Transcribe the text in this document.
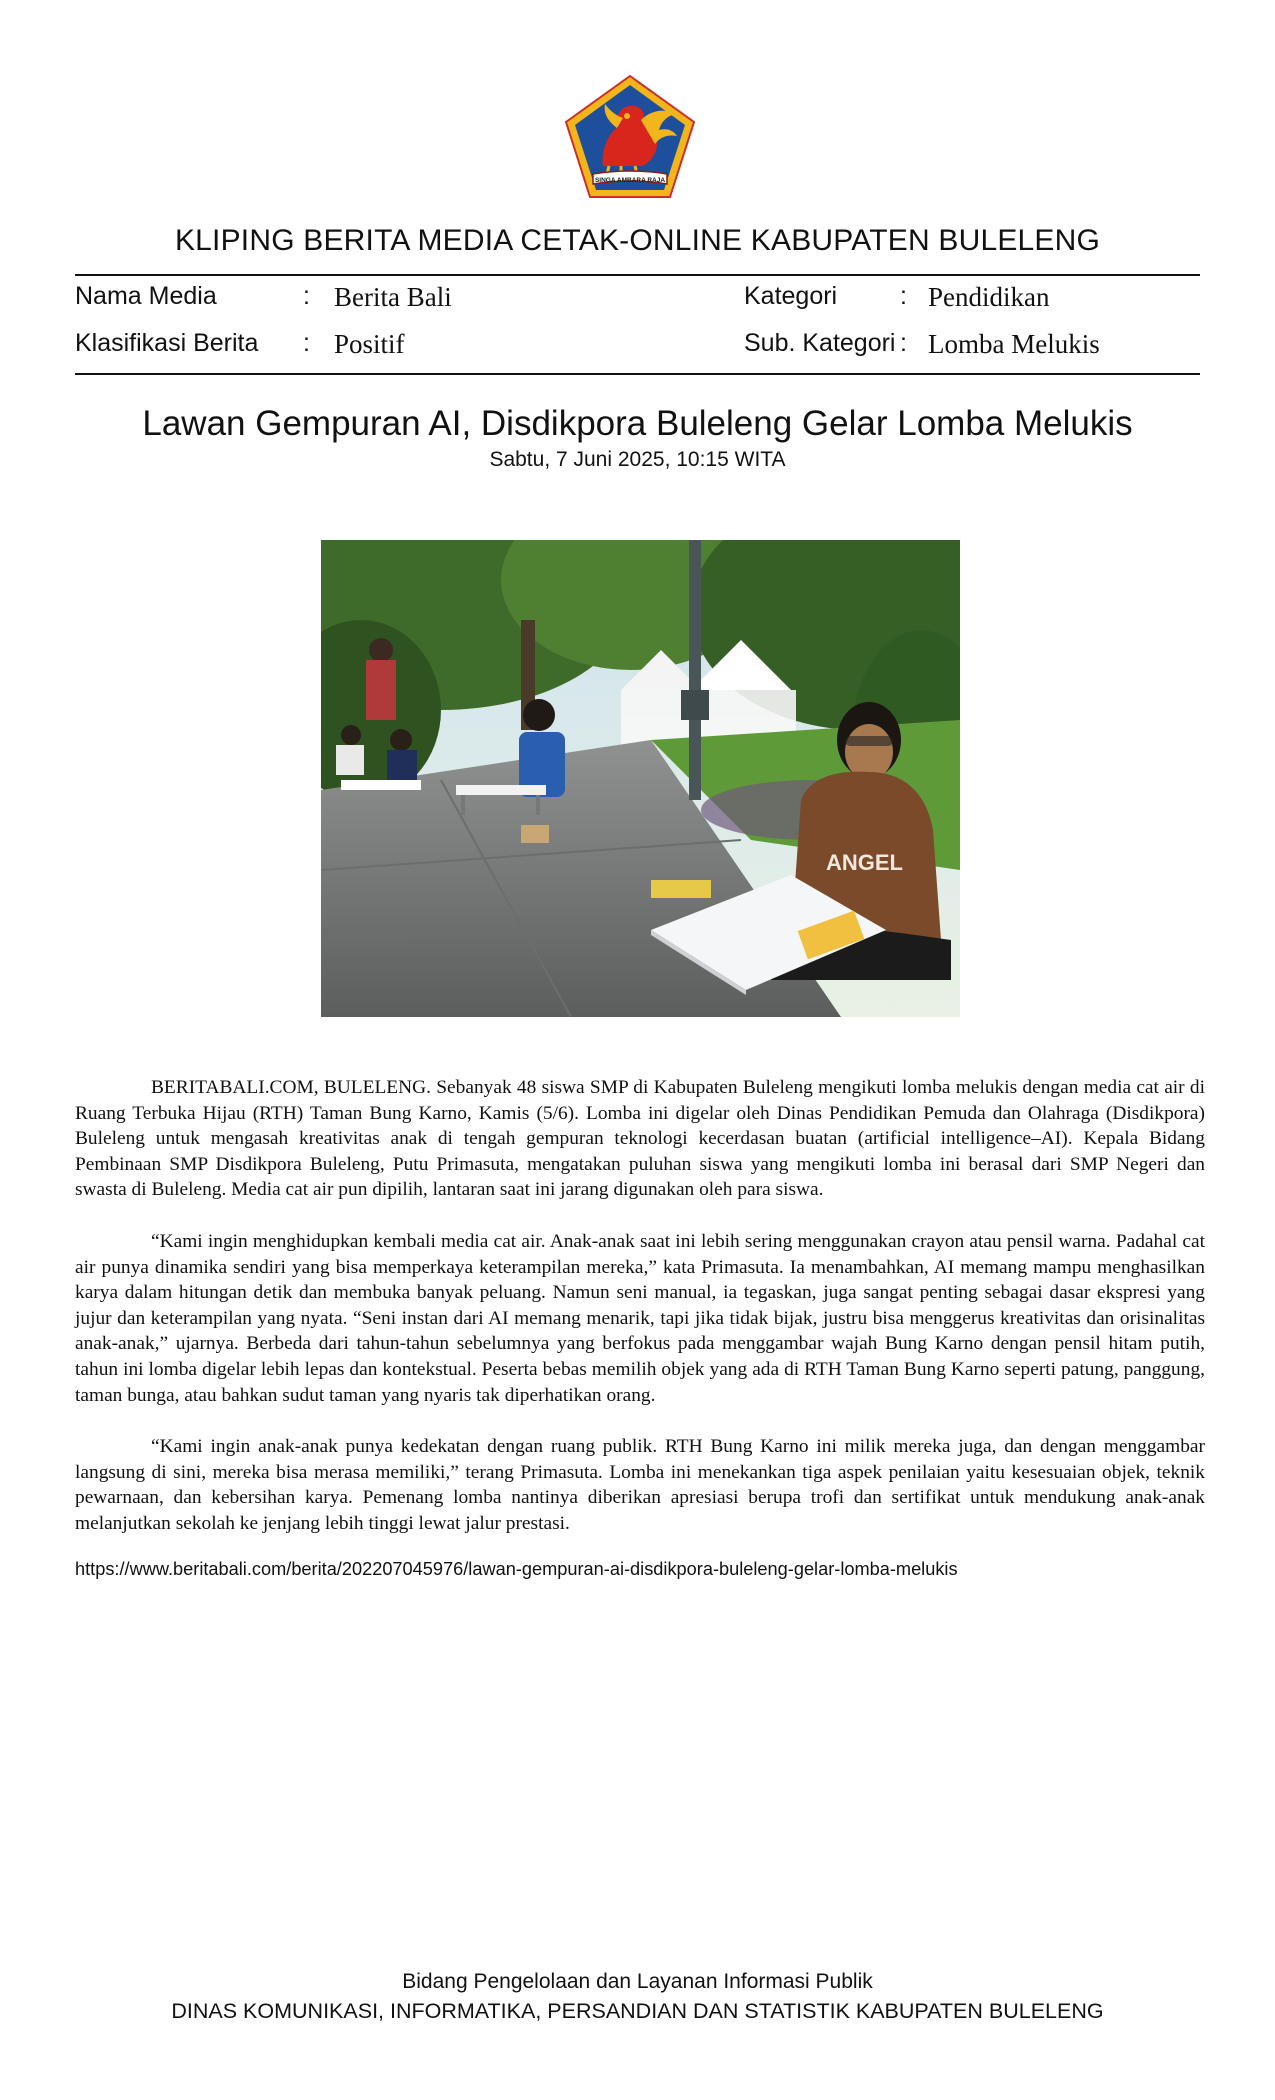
SINGA AMBARA RAJA
KLIPING BERITA MEDIA CETAK-ONLINE KABUPATEN BULELENG
Nama Media	: Berita Bali	Kategori	: Pendidikan
Klasifikasi Berita : Positif	Sub. Kategori : Lomba Melukis
Lawan Gempuran AI, Disdikpora Buleleng Gelar Lomba Melukis
Sabtu, 7 Juni 2025, 10:15 WITA
ANGEL

BERITABALI.COM, BULELENG. Sebanyak 48 siswa SMP di Kabupaten Buleleng mengikuti lomba melukis dengan media cat air di Ruang Terbuka Hijau (RTH) Taman Bung Karno, Kamis (5/6). Lomba ini digelar oleh Dinas Pendidikan Pemuda dan Olahraga (Disdikpora) Buleleng untuk mengasah kreativitas anak di tengah gempuran teknologi kecerdasan buatan (artificial intelligence–AI). Kepala Bidang Pembinaan SMP Disdikpora Buleleng, Putu Primasuta, mengatakan puluhan siswa yang mengikuti lomba ini berasal dari SMP Negeri dan swasta di Buleleng. Media cat air pun dipilih, lantaran saat ini jarang digunakan oleh para siswa.

“Kami ingin menghidupkan kembali media cat air. Anak-anak saat ini lebih sering menggunakan crayon atau pensil warna. Padahal cat air punya dinamika sendiri yang bisa memperkaya keterampilan mereka,” kata Primasuta. Ia menambahkan, AI memang mampu menghasilkan karya dalam hitungan detik dan membuka banyak peluang. Namun seni manual, ia tegaskan, juga sangat penting sebagai dasar ekspresi yang jujur dan keterampilan yang nyata. “Seni instan dari AI memang menarik, tapi jika tidak bijak, justru bisa menggerus kreativitas dan orisinalitas anak-anak,” ujarnya. Berbeda dari tahun-tahun sebelumnya yang berfokus pada menggambar wajah Bung Karno dengan pensil hitam putih, tahun ini lomba digelar lebih lepas dan kontekstual. Peserta bebas memilih objek yang ada di RTH Taman Bung Karno seperti patung, panggung, taman bunga, atau bahkan sudut taman yang nyaris tak diperhatikan orang.

“Kami ingin anak-anak punya kedekatan dengan ruang publik. RTH Bung Karno ini milik mereka juga, dan dengan menggambar langsung di sini, mereka bisa merasa memiliki,” terang Primasuta. Lomba ini menekankan tiga aspek penilaian yaitu kesesuaian objek, teknik pewarnaan, dan kebersihan karya. Pemenang lomba nantinya diberikan apresiasi berupa trofi dan sertifikat untuk mendukung anak-anak melanjutkan sekolah ke jenjang lebih tinggi lewat jalur prestasi.

https://www.beritabali.com/berita/202207045976/lawan-gempuran-ai-disdikpora-buleleng-gelar-lomba-melukis
Bidang Pengelolaan dan Layanan Informasi Publik
DINAS KOMUNIKASI, INFORMATIKA, PERSANDIAN DAN STATISTIK KABUPATEN BULELENG
